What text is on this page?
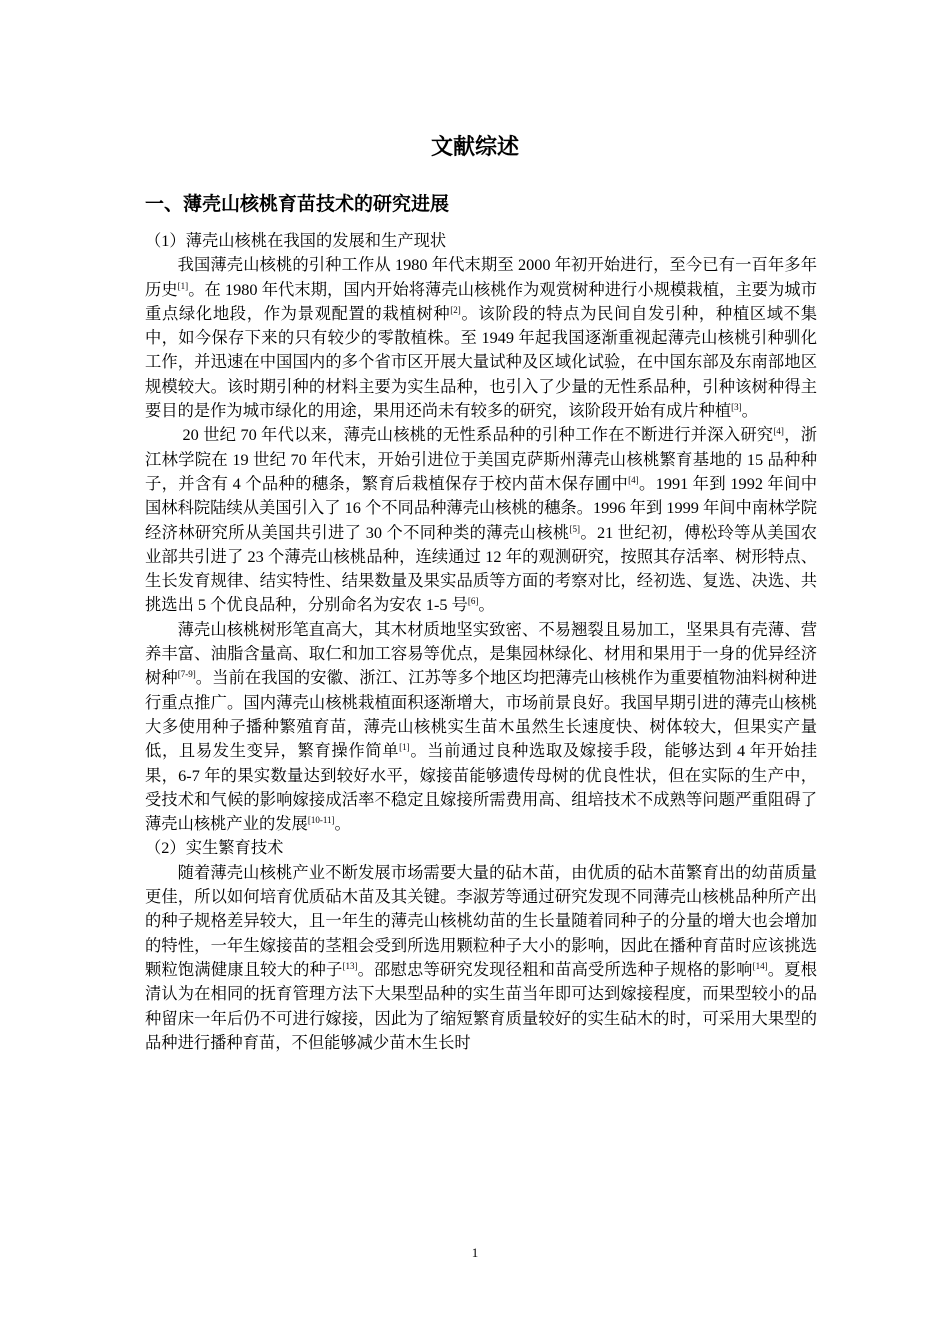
文献综述
一、薄壳山核桃育苗技术的研究进展

（1）薄壳山核桃在我国的发展和生产现状

我国薄壳山核桃的引种工作从 1980 年代末期至 2000 年初开始进行，至今已有一百年多年历史[1]。在 1980 年代末期，国内开始将薄壳山核桃作为观赏树种进行小规模栽植，主要为城市重点绿化地段，作为景观配置的栽植树种[2]。该阶段的特点为民间自发引种，种植区域不集中，如今保存下来的只有较少的零散植株。至 1949 年起我国逐渐重视起薄壳山核桃引种驯化工作，并迅速在中国国内的多个省市区开展大量试种及区域化试验，在中国东部及东南部地区规模较大。该时期引种的材料主要为实生品种，也引入了少量的无性系品种，引种该树种得主要目的是作为城市绿化的用途，果用还尚未有较多的研究，该阶段开始有成片种植[3]。

20 世纪 70 年代以来，薄壳山核桃的无性系品种的引种工作在不断进行并深入研究[4]，浙江林学院在 19 世纪 70 年代末，开始引进位于美国克萨斯州薄壳山核桃繁育基地的 15 品种种子，并含有 4 个品种的穗条，繁育后栽植保存于校内苗木保存圃中[4]。1991 年到 1992 年间中国林科院陆续从美国引入了 16 个不同品种薄壳山核桃的穗条。1996 年到 1999 年间中南林学院经济林研究所从美国共引进了 30 个不同种类的薄壳山核桃[5]。21 世纪初，傅松玲等从美国农业部共引进了 23 个薄壳山核桃品种，连续通过 12 年的观测研究，按照其存活率、树形特点、生长发育规律、结实特性、结果数量及果实品质等方面的考察对比，经初选、复选、决选、共挑选出 5 个优良品种，分别命名为安农 1-5 号[6]。

薄壳山核桃树形笔直高大，其木材质地坚实致密、不易翘裂且易加工，坚果具有壳薄、营养丰富、油脂含量高、取仁和加工容易等优点，是集园林绿化、材用和果用于一身的优异经济树种[7-9]。当前在我国的安徽、浙江、江苏等多个地区均把薄壳山核桃作为重要植物油料树种进行重点推广。国内薄壳山核桃栽植面积逐渐增大，市场前景良好。我国早期引进的薄壳山核桃大多使用种子播种繁殖育苗，薄壳山核桃实生苗木虽然生长速度快、树体较大，但果实产量低，且易发生变异，繁育操作简单[1]。当前通过良种选取及嫁接手段，能够达到 4 年开始挂果，6-7 年的果实数量达到较好水平，嫁接苗能够遗传母树的优良性状，但在实际的生产中，受技术和气候的影响嫁接成活率不稳定且嫁接所需费用高、组培技术不成熟等问题严重阻碍了薄壳山核桃产业的发展[10-11]。

（2）实生繁育技术

随着薄壳山核桃产业不断发展市场需要大量的砧木苗，由优质的砧木苗繁育出的幼苗质量更佳，所以如何培育优质砧木苗及其关键。李淑芳等通过研究发现不同薄壳山核桃品种所产出的种子规格差异较大，且一年生的薄壳山核桃幼苗的生长量随着同种子的分量的增大也会增加的特性，一年生嫁接苗的茎粗会受到所选用颗粒种子大小的影响，因此在播种育苗时应该挑选颗粒饱满健康且较大的种子[13]。邵慰忠等研究发现径粗和苗高受所选种子规格的影响[14]。夏根清认为在相同的抚育管理方法下大果型品种的实生苗当年即可达到嫁接程度，而果型较小的品种留床一年后仍不可进行嫁接，因此为了缩短繁育质量较好的实生砧木的时，可采用大果型的品种进行播种育苗，不但能够减少苗木生长时

1
